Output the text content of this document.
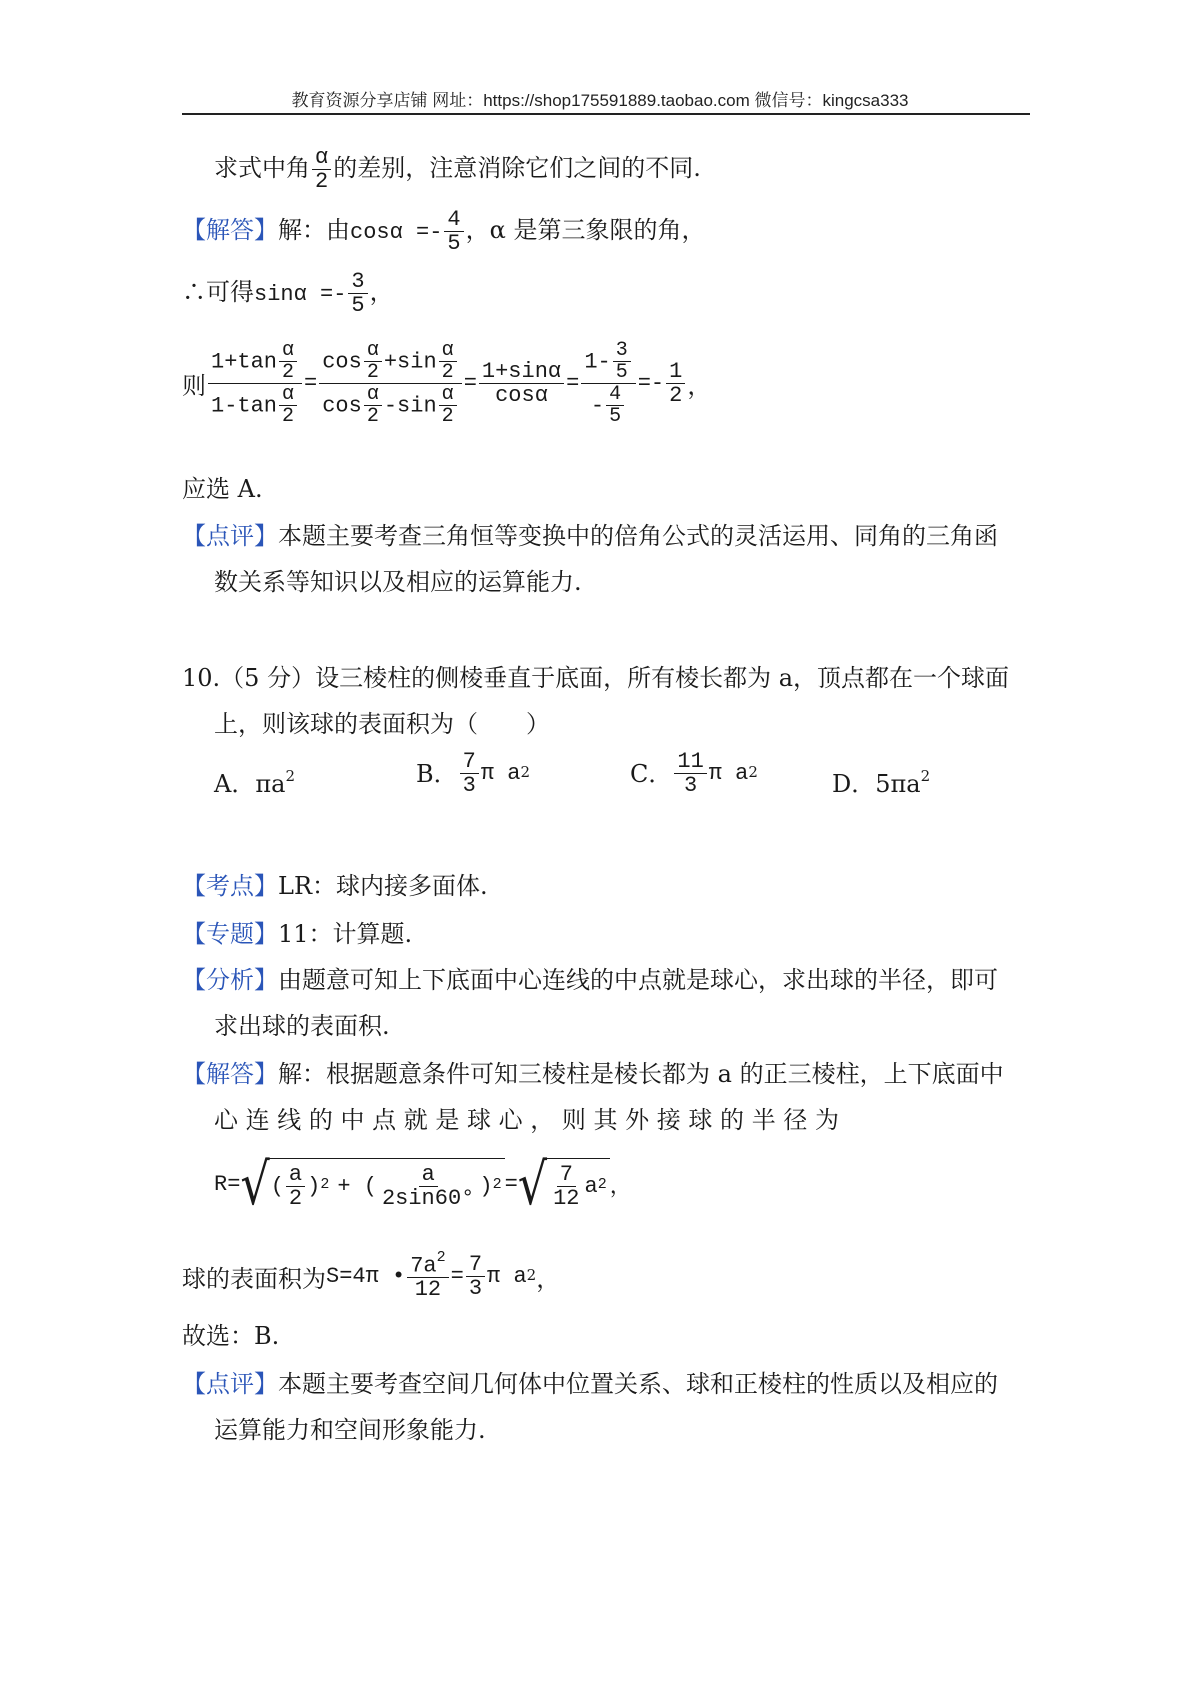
教育资源分享店铺 网址：https://shop175591889.taobao.com 微信号：kingcsa333
求式中角 $\frac{\alpha}{2}$ 的差别，注意消除它们之间的不同.
【解答】解：由$\cos\alpha =- \frac{4}{5}$ ，α 是第三象限的角，
∴可得$\sin\alpha =- \frac{3}{5}$ ，
则 $\frac{1+\tan \frac{\alpha}{2}}{1-\tan \frac{\alpha}{2}} = \frac{\cos \frac{\alpha}{2} +\sin \frac{\alpha}{2}}{\cos \frac{\alpha}{2} -\sin \frac{\alpha}{2}} = \frac{1+\sin\alpha}{\cos\alpha} = \frac{1- \frac{3}{5}}{- \frac{4}{5}} =- \frac{1}{2}$ ，
应选 A.
【点评】本题主要考查三角恒等变换中的倍角公式的灵活运用、同角的三角函
数关系等知识以及相应的运算能力.
10.（5 分）设三棱柱的侧棱垂直于底面，所有棱长都为 a，顶点都在一个球面
上，则该球的表面积为（　　）
A．$\pi a^2$	B． $\frac{7}{3}$ π $a^2$	C． $\frac{11}{3}$ π $a^2$	D．$5\pi a^2$
【考点】LR：球内接多面体.
【专题】11：计算题.
【分析】由题意可知上下底面中心连线的中点就是球心，求出球的半径，即可
求出球的表面积.
【解答】解：根据题意条件可知三棱柱是棱长都为 a 的正三棱柱，上下底面中
心 连 线 的 中 点 就 是 球 心 ， 则 其 外 接 球 的 半 径 为
R= √ ( $\frac{a}{2} )^2$ + ( $\frac{a}{2\sin 60^\circ} )^2$ = √ $\frac{7}{12} a^2$ ，
球的表面积为 S=4π • $\frac{7a^2}{12} = \frac{7}{3}$ π $a^2$ ，
故选：B.
【点评】本题主要考查空间几何体中位置关系、球和正棱柱的性质以及相应的
运算能力和空间形象能力.
